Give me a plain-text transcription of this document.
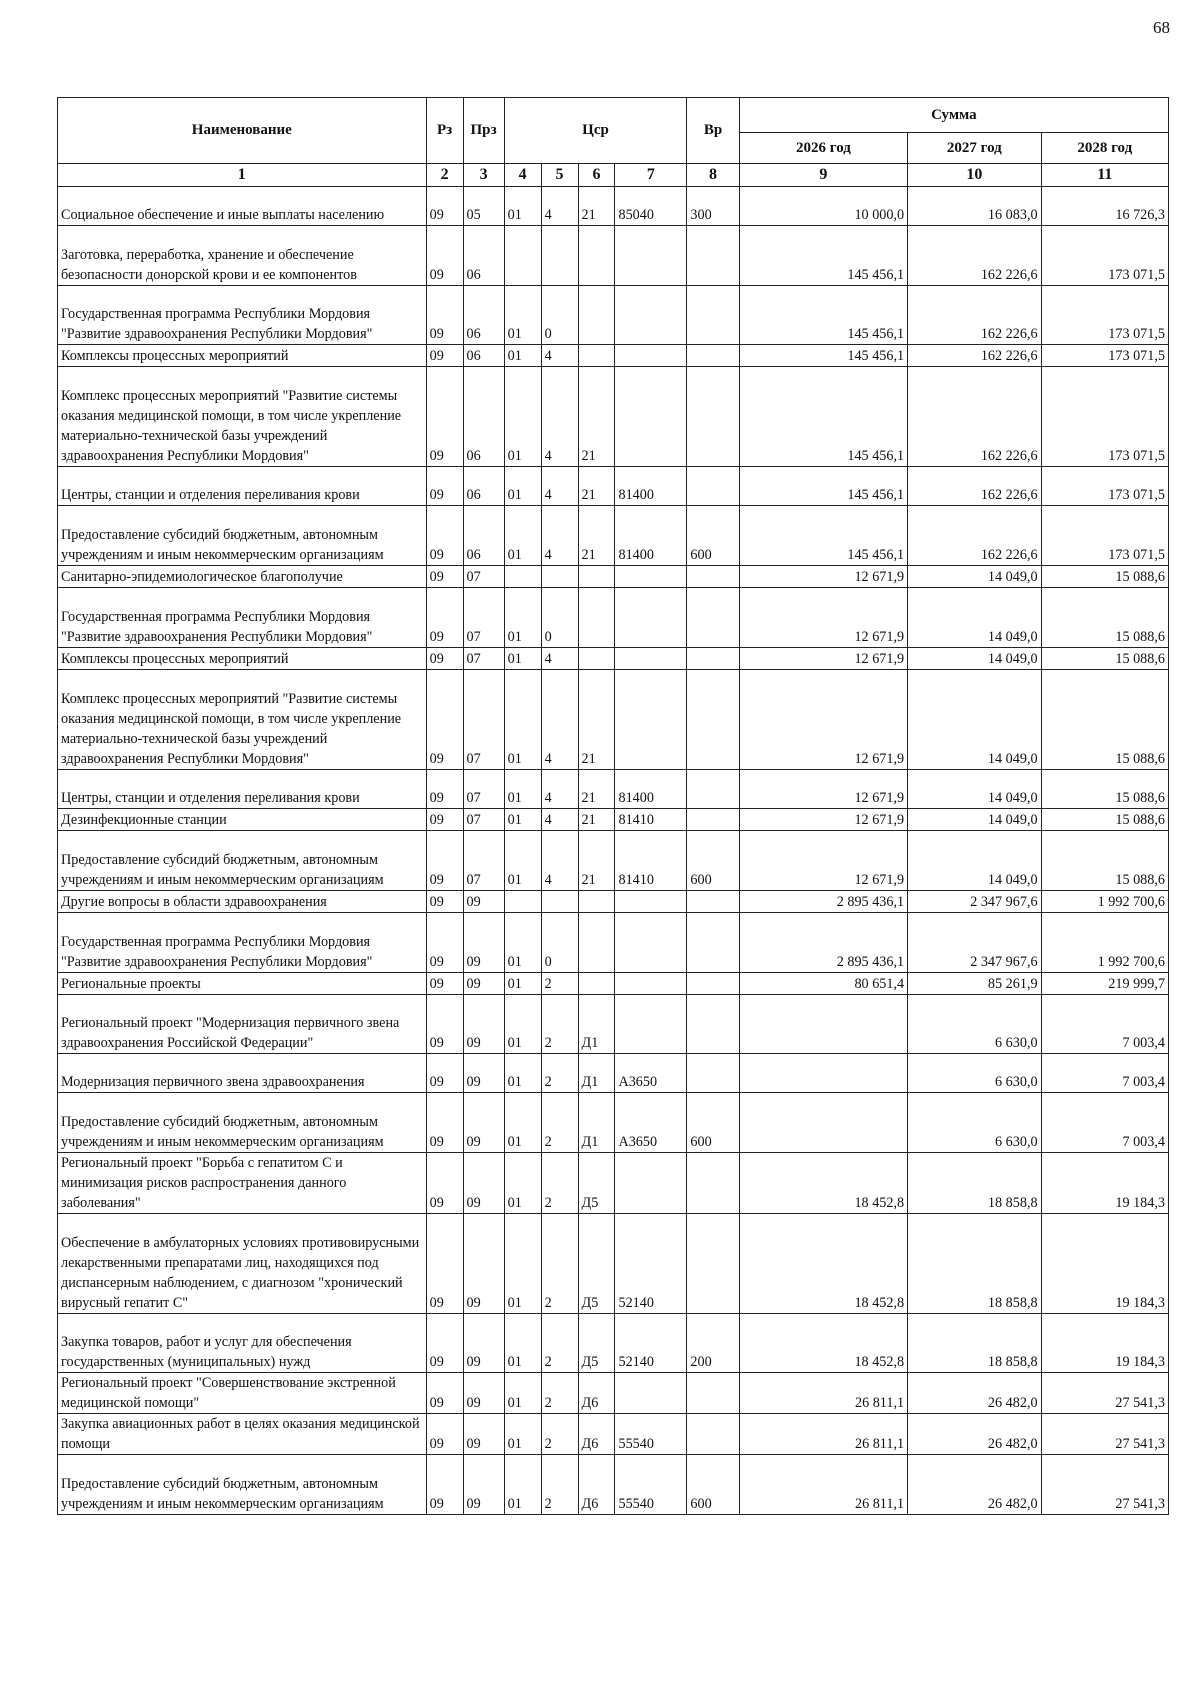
68
Наименование	Рз	Прз	Цср				Вр	Сумма		
								2026 год	2027 год	2028 год
1	2	3	4	5	6	7	8	9	10	11
Социальное обеспечение и иные выплаты населению	09	05	01	4	21	85040	300	10 000,0	16 083,0	16 726,3
Заготовка, переработка, хранение и обеспечение безопасности донорской крови и ее компонентов	09	06						145 456,1	162 226,6	173 071,5
Государственная программа Республики Мордовия "Развитие здравоохранения Республики Мордовия"	09	06	01	0				145 456,1	162 226,6	173 071,5
Комплексы процессных мероприятий	09	06	01	4				145 456,1	162 226,6	173 071,5
Комплекс процессных мероприятий "Развитие системы оказания медицинской помощи, в том числе укрепление материально-технической базы учреждений здравоохранения Республики Мордовия"	09	06	01	4	21			145 456,1	162 226,6	173 071,5
Центры, станции и отделения переливания крови	09	06	01	4	21	81400		145 456,1	162 226,6	173 071,5
Предоставление субсидий бюджетным, автономным учреждениям и иным некоммерческим организациям	09	06	01	4	21	81400	600	145 456,1	162 226,6	173 071,5
Санитарно-эпидемиологическое благополучие	09	07						12 671,9	14 049,0	15 088,6
Государственная программа Республики Мордовия "Развитие здравоохранения Республики Мордовия"	09	07	01	0				12 671,9	14 049,0	15 088,6
Комплексы процессных мероприятий	09	07	01	4				12 671,9	14 049,0	15 088,6
Комплекс процессных мероприятий "Развитие системы оказания медицинской помощи, в том числе укрепление материально-технической базы учреждений здравоохранения Республики Мордовия"	09	07	01	4	21			12 671,9	14 049,0	15 088,6
Центры, станции и отделения переливания крови	09	07	01	4	21	81400		12 671,9	14 049,0	15 088,6
Дезинфекционные станции	09	07	01	4	21	81410		12 671,9	14 049,0	15 088,6
Предоставление субсидий бюджетным, автономным учреждениям и иным некоммерческим организациям	09	07	01	4	21	81410	600	12 671,9	14 049,0	15 088,6
Другие вопросы в области здравоохранения	09	09						2 895 436,1	2 347 967,6	1 992 700,6
Государственная программа Республики Мордовия "Развитие здравоохранения Республики Мордовия"	09	09	01	0				2 895 436,1	2 347 967,6	1 992 700,6
Региональные проекты	09	09	01	2				80 651,4	85 261,9	219 999,7
Региональный проект "Модернизация первичного звена здравоохранения Российской Федерации"	09	09	01	2	Д1				6 630,0	7 003,4
Модернизация первичного звена здравоохранения	09	09	01	2	Д1	А3650			6 630,0	7 003,4
Предоставление субсидий бюджетным, автономным учреждениям и иным некоммерческим организациям	09	09	01	2	Д1	А3650	600		6 630,0	7 003,4
Региональный проект "Борьба с гепатитом С и минимизация рисков распространения данного заболевания"	09	09	01	2	Д5			18 452,8	18 858,8	19 184,3
Обеспечение в амбулаторных условиях противовирусными лекарственными препаратами лиц, находящихся под диспансерным наблюдением, с диагнозом "хронический вирусный гепатит С"	09	09	01	2	Д5	52140		18 452,8	18 858,8	19 184,3
Закупка товаров, работ и услуг для обеспечения государственных (муниципальных) нужд	09	09	01	2	Д5	52140	200	18 452,8	18 858,8	19 184,3
Региональный проект "Совершенствование экстренной медицинской помощи"	09	09	01	2	Д6			26 811,1	26 482,0	27 541,3
Закупка авиационных работ в целях оказания медицинской помощи	09	09	01	2	Д6	55540		26 811,1	26 482,0	27 541,3
Предоставление субсидий бюджетным, автономным учреждениям и иным некоммерческим организациям	09	09	01	2	Д6	55540	600	26 811,1	26 482,0	27 541,3
